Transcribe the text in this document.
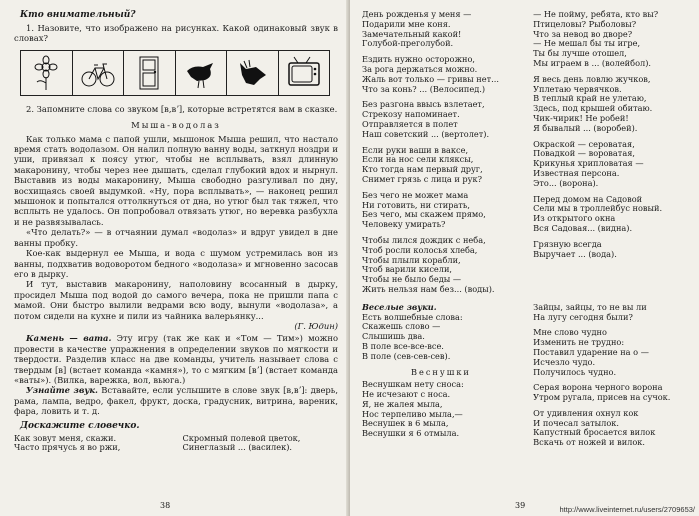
Кто внимательный?

1. Назовите, что изображено на рисунках. Какой одинаковый звук в словах?

2. Запомните слова со звуком [в,вʼ], которые встретятся вам в сказке.

Мыша-водолаз

Как только мама с папой ушли, мышонок Мыша решил, что настало время стать водолазом. Он налил полную ванну воды, заткнул ноздри и уши, привязал к поясу утюг, чтобы не всплывать, взял длинную макаронину, чтобы через нее дышать, сделал глубокий вдох и нырнул. Выставив из воды макаронину, Мыша свободно разгуливал по дну, восхищаясь своей выдумкой. «Ну, пора всплывать», — наконец решил мышонок и попытался оттолкнуться от дна, но утюг был так тяжел, что всплыть не удалось. Он попробовал отвязать утюг, но веревка разбухла и не развязывалась.

«Что делать?» — в отчаянии думал «водолаз» и вдруг увидел в дне ванны пробку.

Кое-как выдернул ее Мыша, и вода с шумом устремилась вон из ванны, подхватив водоворотом бедного «водолаза» и мгновенно засосав его в дырку.

И тут, выставив макаронину, наполовину всосанный в дырку, просидел Мыша под водой до самого вечера, пока не пришли папа с мамой. Они быстро вылили ведрами всю воду, вынули «водолаза», а потом сидели на кухне и пили из чайника валерьянку...

(Г. Юдин)

Камень — вата. Эту игру (так же как и «Том — Тим») можно провести в качестве упражнения в определении звуков по мягкости и твердости. Разделив класс на две команды, учитель называет слова с твердым [в] (встает команда «камня»), то с мягким [вʼ] (встает команда «ваты»). (Вилка, варежка, вол, вьюга.)

Узнайте звук. Вставайте, если услышите в слове звук [в,вʼ]: дверь, рама, лампа, ведро, факел, фрукт, доска, градусник, витрина, вареник, фара, ловить и т. д.

Доскажите словечко.

Как зовут меня, скажи.

Часто прячусь я во ржи,

Скромный полевой цветок,

Синеглазый ... (василек).

38

День рожденья у меня —

Подарили мне коня.

Замечательный какой!

Голубой-преголубой.

Ездить нужно осторожно,

За рога держаться можно.

Жаль вот только — гривы нет...

Что за конь? ... (Велосипед.)

Без разгона ввысь взлетает,

Стрекозу напоминает.

Отправляется в полет

Наш советский ... (вертолет).

Если руки ваши в ваксе,

Если на нос сели кляксы,

Кто тогда нам первый друг,

Снимет грязь с лица и рук?

Без чего не может мама

Ни готовить, ни стирать,

Без чего, мы скажем прямо,

Человеку умирать?

Чтобы лился дождик с неба,

Чтоб росли колосья хлеба,

Чтобы плыли корабли,

Чтоб варили кисели,

Чтобы не было беды —

Жить нельзя нам без... (воды).

— Не пойму, ребята, кто вы?

Птицеловы? Рыболовы?

Что за невод во дворе?

— Не мешал бы ты игре,

Ты бы лучше отошел,

Мы играем в ... (волейбол).

Я весь день ловлю жучков,

Уплетаю червячков.

В теплый край не улетаю,

Здесь, под крышей обитаю.

Чик-чирик! Не робей!

Я бывалый ... (воробей).

Окраской — сероватая,

Повадкой — вороватая,

Крикунья хрипловатая —

Известная персона.

Это... (ворона).

Перед домом на Садовой

Сели мы в троллейбус новый.

Из открытого окна

Вся Садовая... (видна).

Грязную всегда

Выручает ... (вода).

Веселые звуки.

Есть волшебные слова:

Скажешь слово —

Слышишь два.

В поле все-все-все.

В поле (сев-сев-сев).

Веснушки

Веснушкам нету сноса:

Не исчезают с носа.

Я, не жалея мыла,

Нос терпеливо мыла,—

Веснушек в 6 мыла,

Веснушки я 6 отмыла.

Зайцы, зайцы, то не вы ли

На лугу сегодня были?

Мне слово чудно

Изменить не трудно:

Поставил ударение на о —

Исчезло чудо.

Получилось чудно.

Серая ворона черного ворона

Утром ругала, присев на сучок.

От удивления охнул кок

И почесал затылок.

Капустный бросается вилок

Вскачь от ножей и вилок.

39	http://www.liveinternet.ru/users/2709653/
